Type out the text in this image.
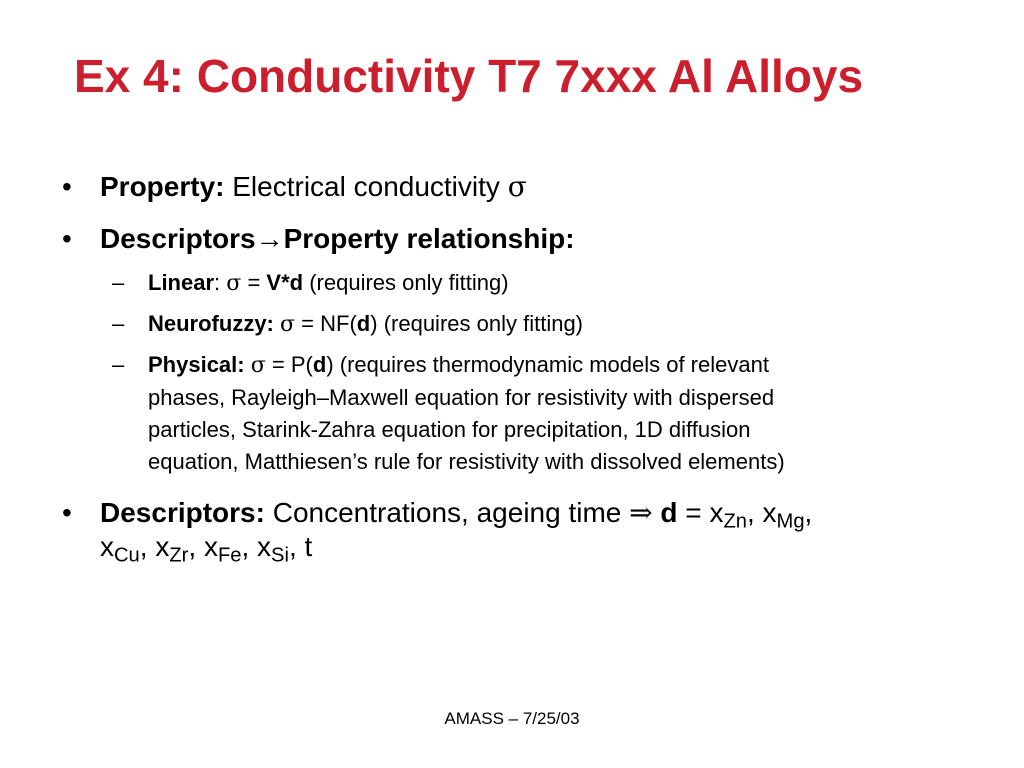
Ex 4: Conductivity T7 7xxx Al Alloys
• Property: Electrical conductivity σ
• Descriptors→Property relationship:
– Linear: σ = V*d (requires only fitting)
– Neurofuzzy: σ = NF(d) (requires only fitting)
– Physical: σ = P(d) (requires thermodynamic models of relevant
phases, Rayleigh–Maxwell equation for resistivity with dispersed
particles, Starink-Zahra equation for precipitation, 1D diffusion
equation, Matthiesen’s rule for resistivity with dissolved elements)
• Descriptors: Concentrations, ageing time ⇒ $d = x_{Zn}$, $x_{Mg}$,
$x_{Cu}$, $x_{Zr}$, $x_{Fe}$, $x_{Si}$, t
AMASS – 7/25/03
